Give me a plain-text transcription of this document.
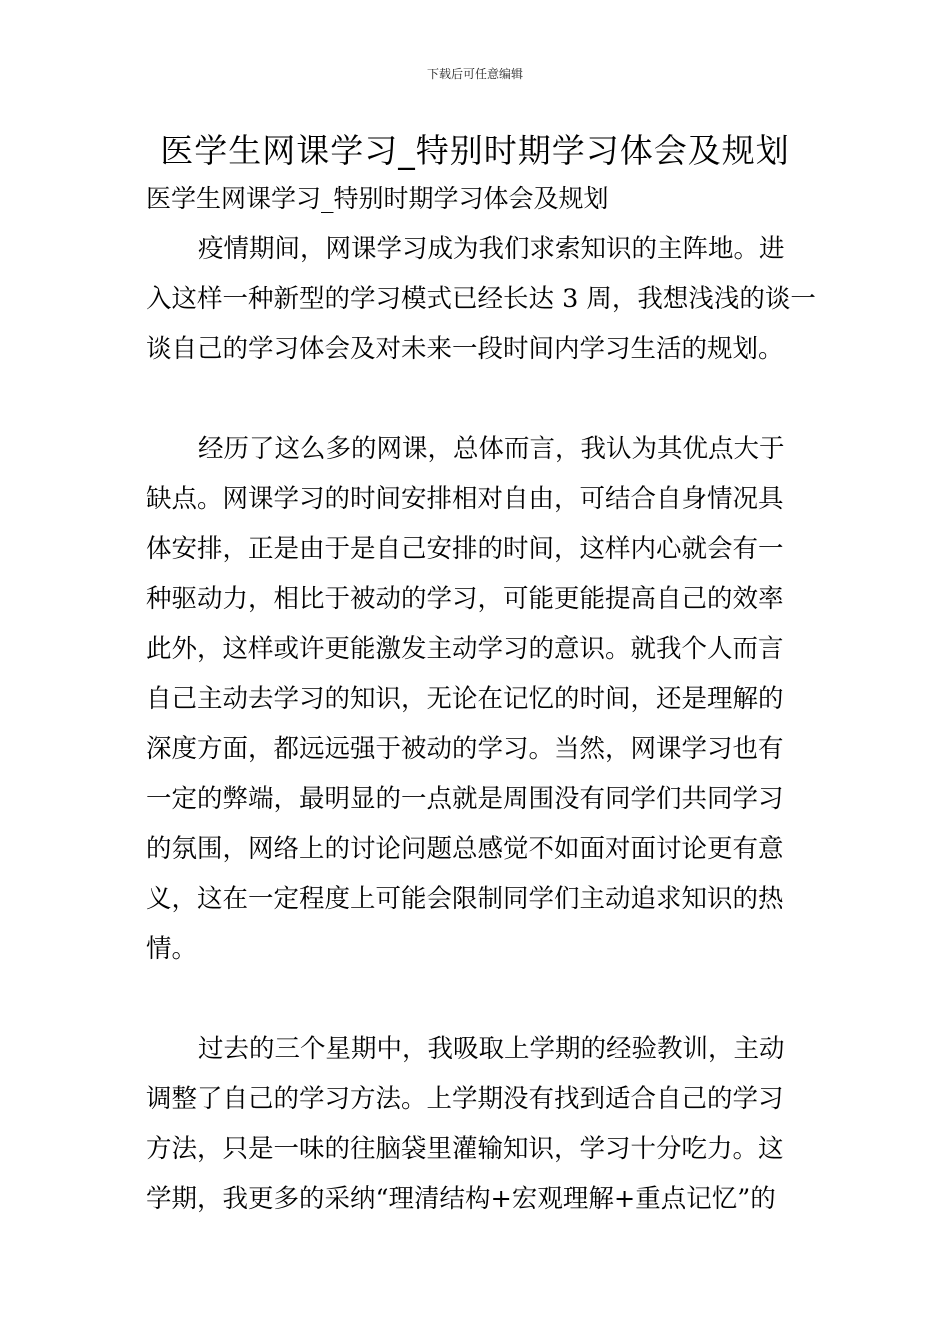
下载后可任意编辑
医学生网课学习_特别时期学习体会及规划

医学生网课学习_特别时期学习体会及规划

疫情期间，网课学习成为我们求索知识的主阵地。进
入这样一种新型的学习模式已经长达 3 周，我想浅浅的谈一
谈自己的学习体会及对未来一段时间内学习生活的规划。
经历了这么多的网课，总体而言，我认为其优点大于
缺点。网课学习的时间安排相对自由，可结合自身情况具
体安排，正是由于是自己安排的时间，这样内心就会有一
种驱动力，相比于被动的学习，可能更能提高自己的效率
此外，这样或许更能激发主动学习的意识。就我个人而言
自己主动去学习的知识，无论在记忆的时间，还是理解的
深度方面，都远远强于被动的学习。当然，网课学习也有
一定的弊端，最明显的一点就是周围没有同学们共同学习
的氛围，网络上的讨论问题总感觉不如面对面讨论更有意
义，这在一定程度上可能会限制同学们主动追求知识的热
情。
过去的三个星期中，我吸取上学期的经验教训，主动
调整了自己的学习方法。上学期没有找到适合自己的学习
方法，只是一味的往脑袋里灌输知识，学习十分吃力。这
学期，我更多的采纳“理清结构+宏观理解+重点记忆”的
